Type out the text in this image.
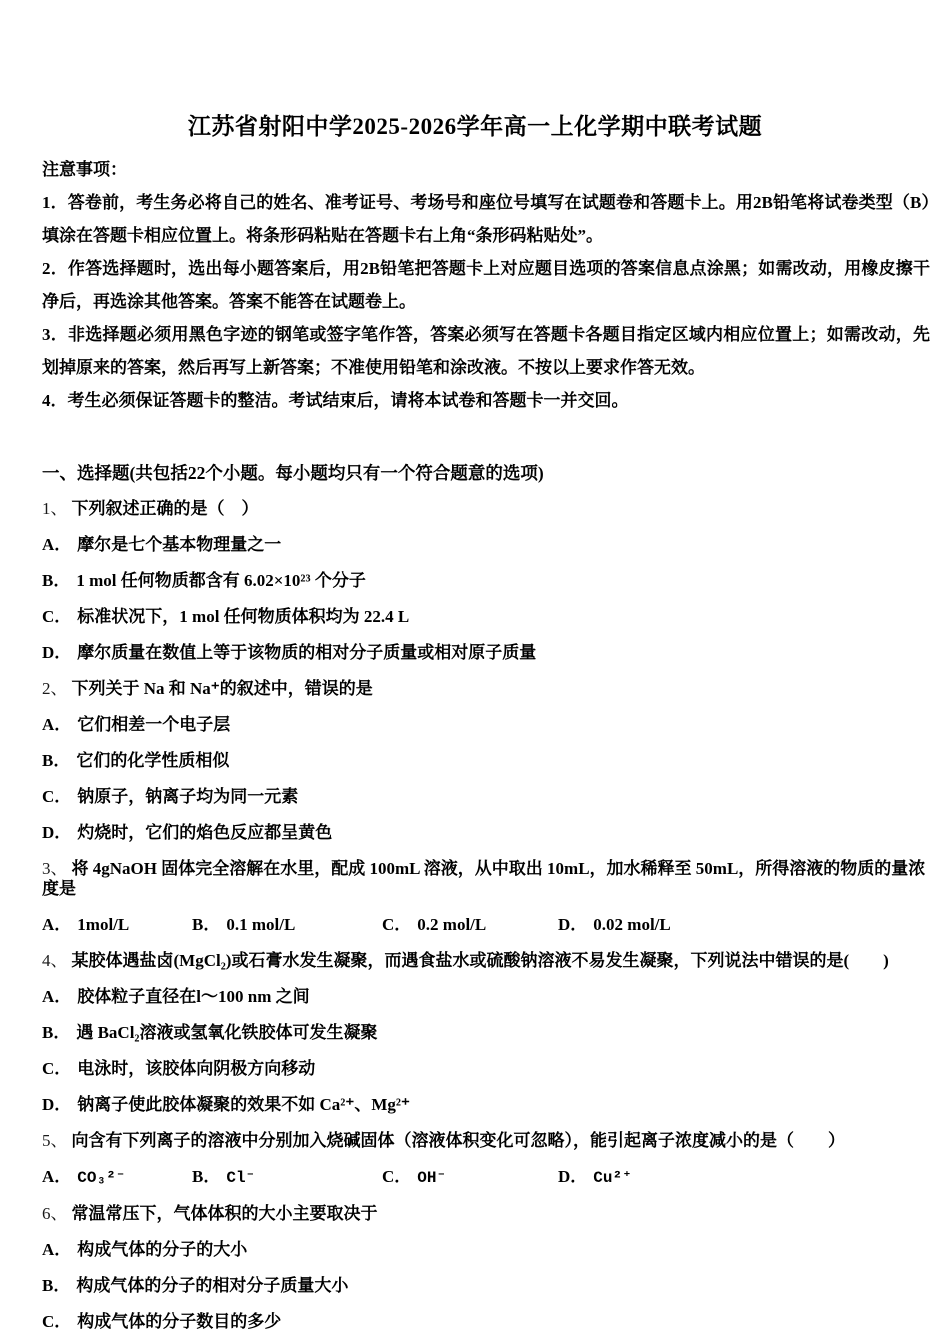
江苏省射阳中学2025-2026学年高一上化学期中联考试题

注意事项：

1．答卷前，考生务必将自己的姓名、准考证号、考场号和座位号填写在试题卷和答题卡上。用2B铅笔将试卷类型（B）填涂在答题卡相应位置上。将条形码粘贴在答题卡右上角“条形码粘贴处”。

2．作答选择题时，选出每小题答案后，用2B铅笔把答题卡上对应题目选项的答案信息点涂黑；如需改动，用橡皮擦干净后，再选涂其他答案。答案不能答在试题卷上。

3．非选择题必须用黑色字迹的钢笔或签字笔作答，答案必须写在答题卡各题目指定区域内相应位置上；如需改动，先划掉原来的答案，然后再写上新答案；不准使用铅笔和涂改液。不按以上要求作答无效。

4．考生必须保证答题卡的整洁。考试结束后，请将本试卷和答题卡一并交回。

一、选择题(共包括22个小题。每小题均只有一个符合题意的选项)

1、 下列叙述正确的是（　）

A． 摩尔是七个基本物理量之一

B． 1 mol 任何物质都含有 6.02×10²³ 个分子

C． 标准状况下，1 mol 任何物质体积均为 22.4 L

D． 摩尔质量在数值上等于该物质的相对分子质量或相对原子质量

2、 下列关于 Na 和 Na⁺的叙述中，错误的是

A． 它们相差一个电子层

B． 它们的化学性质相似

C． 钠原子，钠离子均为同一元素

D． 灼烧时，它们的焰色反应都呈黄色

3、 将 4gNaOH 固体完全溶解在水里，配成 100mL 溶液，从中取出 10mL，加水稀释至 50mL，所得溶液的物质的量浓度是

A． 1mol/L	B． 0.1 mol/L	C． 0.2 mol/L	D． 0.02 mol/L

4、 某胶体遇盐卤(MgCl₂)或石膏水发生凝聚，而遇食盐水或硫酸钠溶液不易发生凝聚，下列说法中错误的是(　　)

A． 胶体粒子直径在l～100 nm 之间

B． 遇 BaCl₂溶液或氢氧化铁胶体可发生凝聚

C． 电泳时，该胶体向阴极方向移动

D． 钠离子使此胶体凝聚的效果不如 Ca²⁺、Mg²⁺

5、 向含有下列离子的溶液中分别加入烧碱固体（溶液体积变化可忽略），能引起离子浓度减小的是（　　）

A． CO₃²⁻	B． Cl⁻	C． OH⁻	D． Cu²⁺

6、 常温常压下，气体体积的大小主要取决于

A． 构成气体的分子的大小

B． 构成气体的分子的相对分子质量大小

C． 构成气体的分子数目的多少
